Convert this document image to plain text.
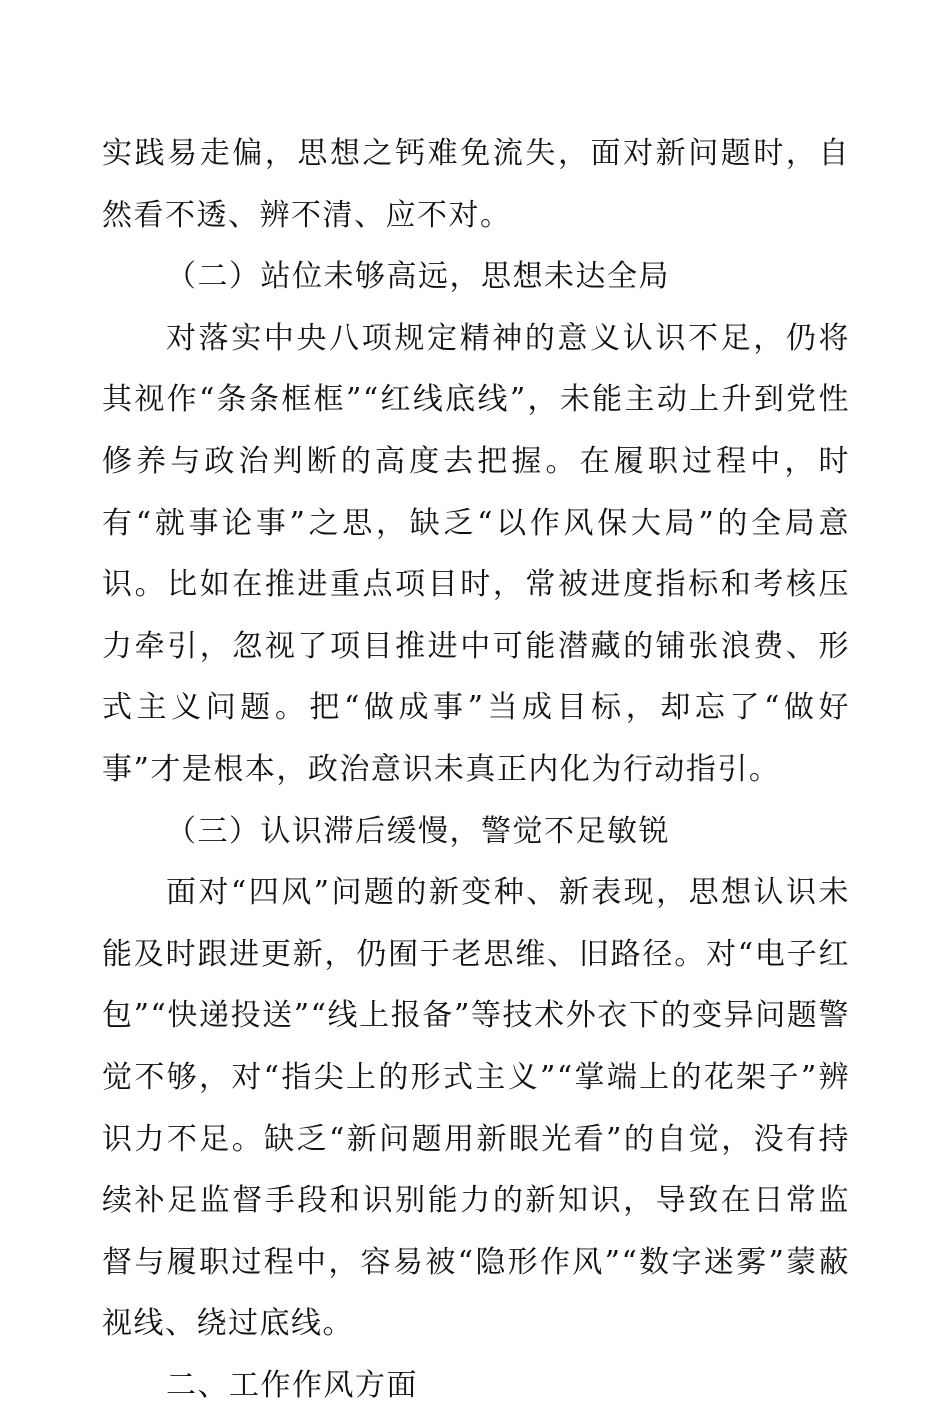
实践易走偏，思想之钙难免流失，面对新问题时，自然看不透、辨不清、应不对。

（二）站位未够高远，思想未达全局

对落实中央八项规定精神的意义认识不足，仍将其视作“条条框框”“红线底线”，未能主动上升到党性修养与政治判断的高度去把握。在履职过程中，时有“就事论事”之思，缺乏“以作风保大局”的全局意识。比如在推进重点项目时，常被进度指标和考核压力牵引，忽视了项目推进中可能潜藏的铺张浪费、形式主义问题。把“做成事”当成目标，却忘了“做好事”才是根本，政治意识未真正内化为行动指引。

（三）认识滞后缓慢，警觉不足敏锐

面对“四风”问题的新变种、新表现，思想认识未能及时跟进更新，仍囿于老思维、旧路径。对“电子红包”“快递投送”“线上报备”等技术外衣下的变异问题警觉不够，对“指尖上的形式主义”“掌端上的花架子”辨识力不足。缺乏“新问题用新眼光看”的自觉，没有持续补足监督手段和识别能力的新知识，导致在日常监督与履职过程中，容易被“隐形作风”“数字迷雾”蒙蔽视线、绕过底线。

二、工作作风方面
